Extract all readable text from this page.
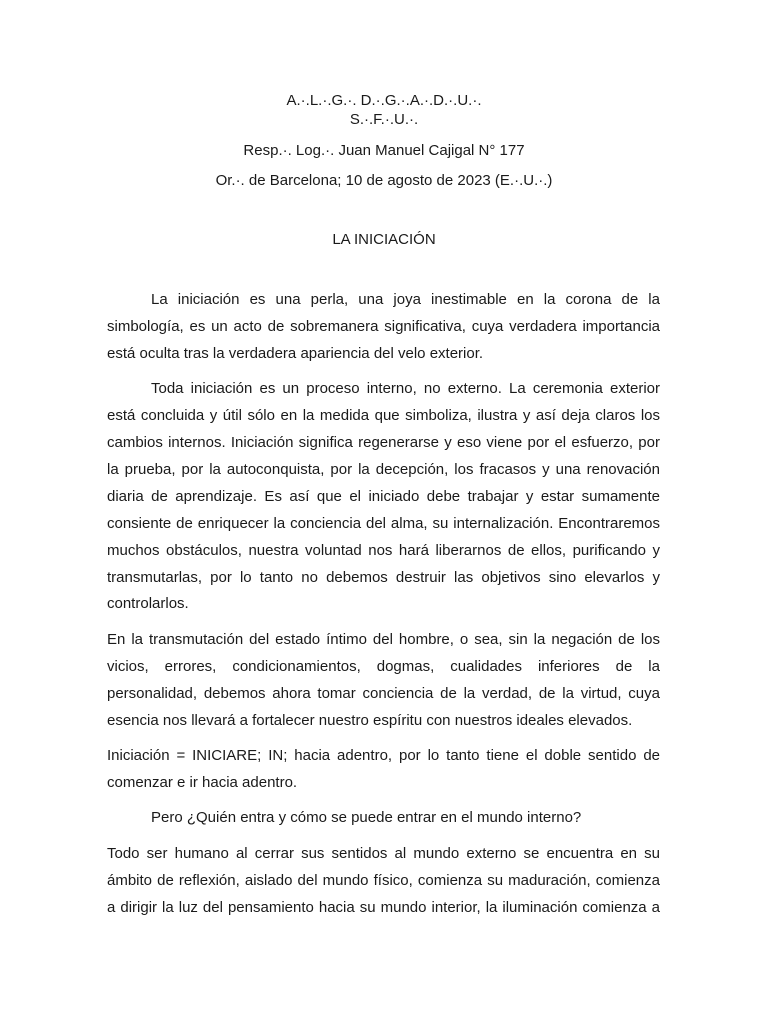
A.·.L.·.G.·. D.·.G.·.A.·.D.·.U.·.
S.·.F.·.U.·.
Resp.·. Log.·. Juan Manuel Cajigal N° 177
Or.·. de Barcelona; 10 de agosto de 2023 (E.·.U.·.)
LA INICIACIÓN

La iniciación es una perla, una joya inestimable en la corona de la simbología, es un acto de sobremanera significativa, cuya verdadera importancia está oculta tras la verdadera apariencia del velo exterior.

Toda iniciación es un proceso interno, no externo. La ceremonia exterior está concluida y útil sólo en la medida que simboliza, ilustra y así deja claros los cambios internos. Iniciación significa regenerarse y eso viene por el esfuerzo, por la prueba, por la autoconquista, por la decepción, los fracasos y una renovación diaria de aprendizaje. Es así que el iniciado debe trabajar y estar sumamente consiente de enriquecer la conciencia del alma, su internalización. Encontraremos muchos obstáculos, nuestra voluntad nos hará liberarnos de ellos, purificando y transmutarlas, por lo tanto no debemos destruir las objetivos sino elevarlos y controlarlos.

En la transmutación del estado íntimo del hombre, o sea, sin la negación de los vicios, errores, condicionamientos, dogmas, cualidades inferiores de la personalidad, debemos ahora tomar conciencia de la verdad, de la virtud, cuya esencia nos llevará a fortalecer nuestro espíritu con nuestros ideales elevados.

Iniciación = INICIARE; IN; hacia adentro, por lo tanto tiene el doble sentido de comenzar e ir hacia adentro.

Pero ¿Quién entra y cómo se puede entrar en el mundo interno?

Todo ser humano al cerrar sus sentidos al mundo externo se encuentra en su ámbito de reflexión, aislado del mundo físico, comienza su maduración, comienza a dirigir la luz del pensamiento hacia su mundo interior, la iluminación comienza a
